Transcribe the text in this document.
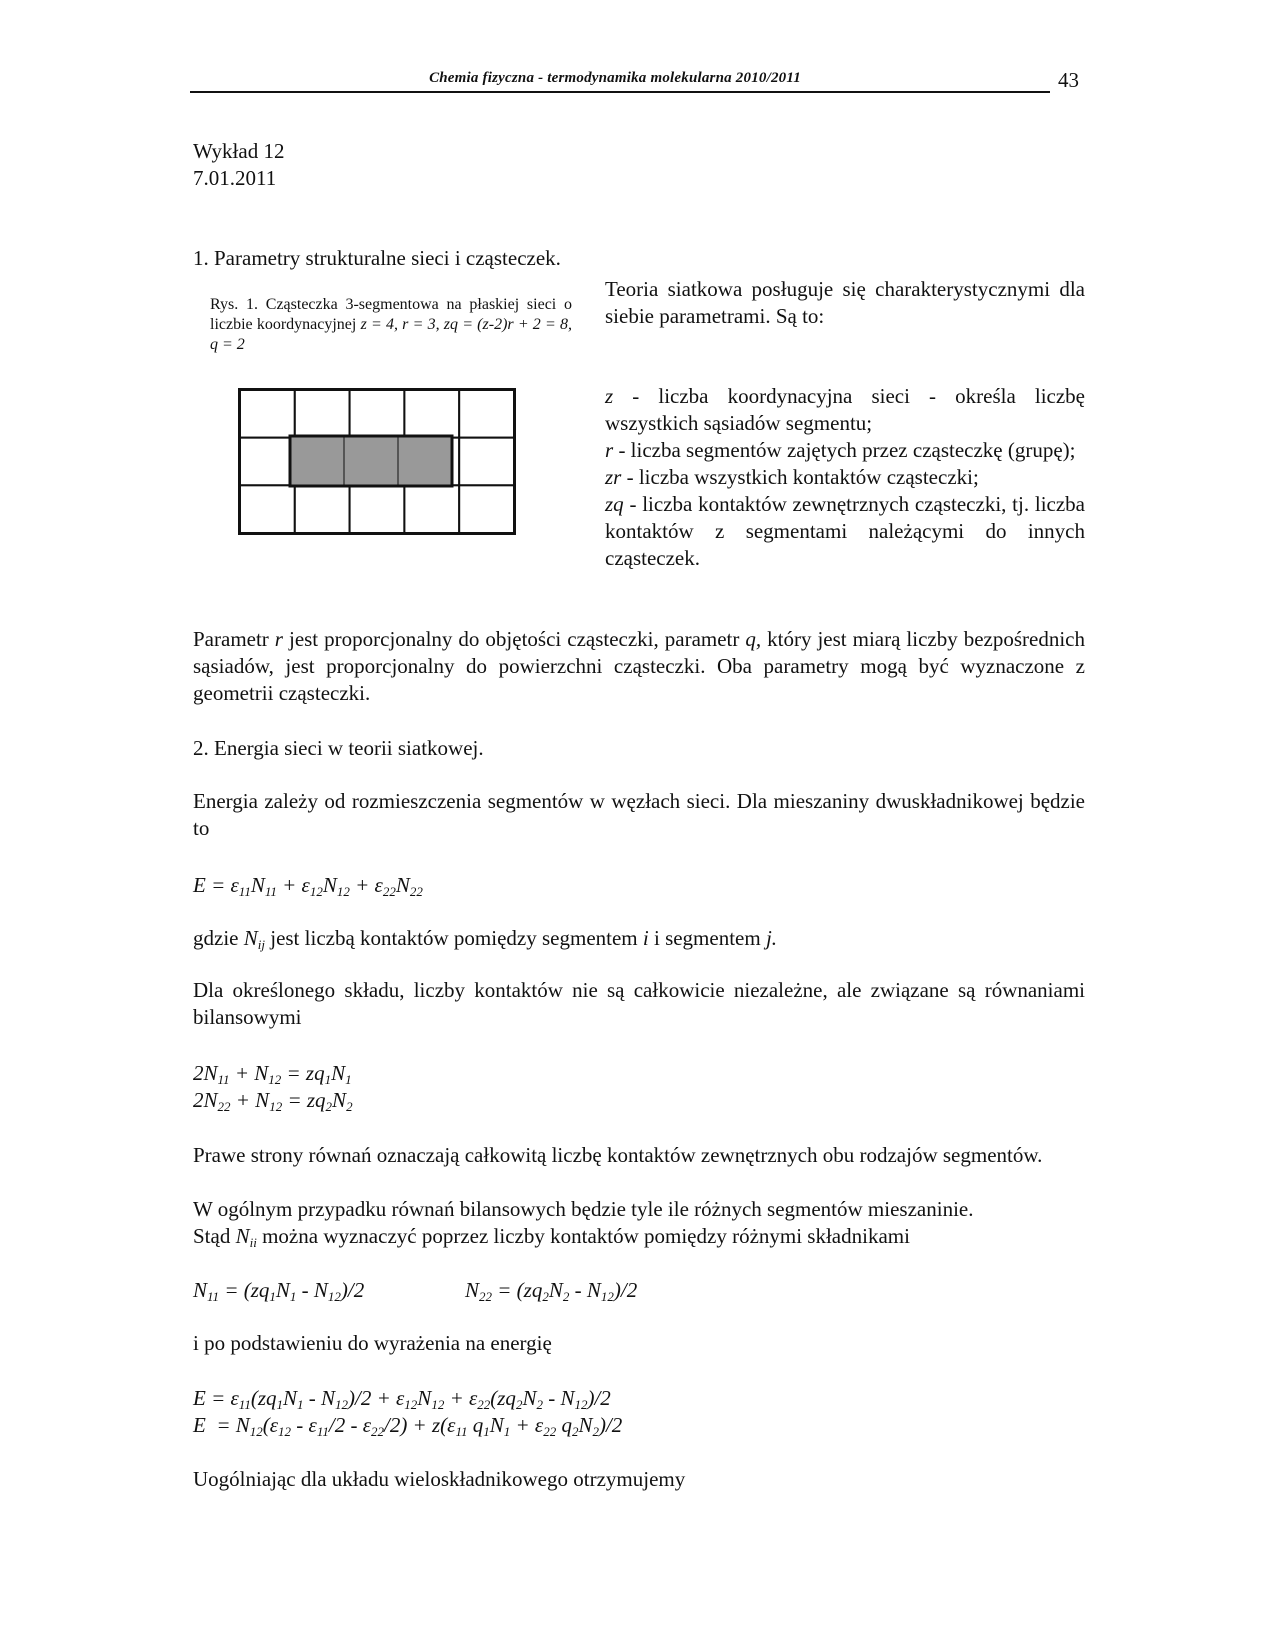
Chemia fizyczna - termodynamika molekularna 2010/2011	43
Wykład 12
7.01.2011
1. Parametry strukturalne sieci i cząsteczek.
Rys. 1. Cząsteczka 3-segmentowa na płaskiej sieci o liczbie koordynacyjnej z = 4, r = 3, zq = (z-2)r + 2 = 8, q = 2
Teoria siatkowa posługuje się charakterystycznymi dla siebie parametrami. Są to:
z - liczba koordynacyjna sieci - określa liczbę wszystkich sąsiadów segmentu;
r - liczba segmentów zajętych przez cząsteczkę (grupę);
zr - liczba wszystkich kontaktów cząsteczki;
zq - liczba kontaktów zewnętrznych cząsteczki, tj. liczba kontaktów z segmentami należącymi do innych cząsteczek.
Parametr r jest proporcjonalny do objętości cząsteczki, parametr q, który jest miarą liczby bezpośrednich sąsiadów, jest proporcjonalny do powierzchni cząsteczki. Oba parametry mogą być wyznaczone z geometrii cząsteczki.
2. Energia sieci w teorii siatkowej.
Energia zależy od rozmieszczenia segmentów w węzłach sieci. Dla mieszaniny dwuskładnikowej będzie to
$E = \varepsilon_{11}N_{11} + \varepsilon_{12}N_{12} + \varepsilon_{22}N_{22}$
gdzie $N_{ij}$ jest liczbą kontaktów pomiędzy segmentem i i segmentem j.
Dla określonego składu, liczby kontaktów nie są całkowicie niezależne, ale związane są równaniami bilansowymi
$2N_{11} + N_{12} = zq_1N_1$
$2N_{22} + N_{12} = zq_2N_2$
Prawe strony równań oznaczają całkowitą liczbę kontaktów zewnętrznych obu rodzajów segmentów.
W ogólnym przypadku równań bilansowych będzie tyle ile różnych segmentów mieszaninie.
Stąd $N_{ii}$ można wyznaczyć poprzez liczby kontaktów pomiędzy różnymi składnikami
$N_{11} = (zq_1N_1 - N_{12})/2$	$N_{22} = (zq_2N_2 - N_{12})/2$
i po podstawieniu do wyrażenia na energię
$E = \varepsilon_{11}(zq_1N_1 - N_{12})/2 + \varepsilon_{12}N_{12} + \varepsilon_{22}(zq_2N_2 - N_{12})/2$
$E = N_{12}(\varepsilon_{12} - \varepsilon_{11}/2 - \varepsilon_{22}/2) + z(\varepsilon_{11}$ $q_1N_1 + \varepsilon_{22}$ $q_2N_2)/2$
Uogólniając dla układu wieloskładnikowego otrzymujemy
